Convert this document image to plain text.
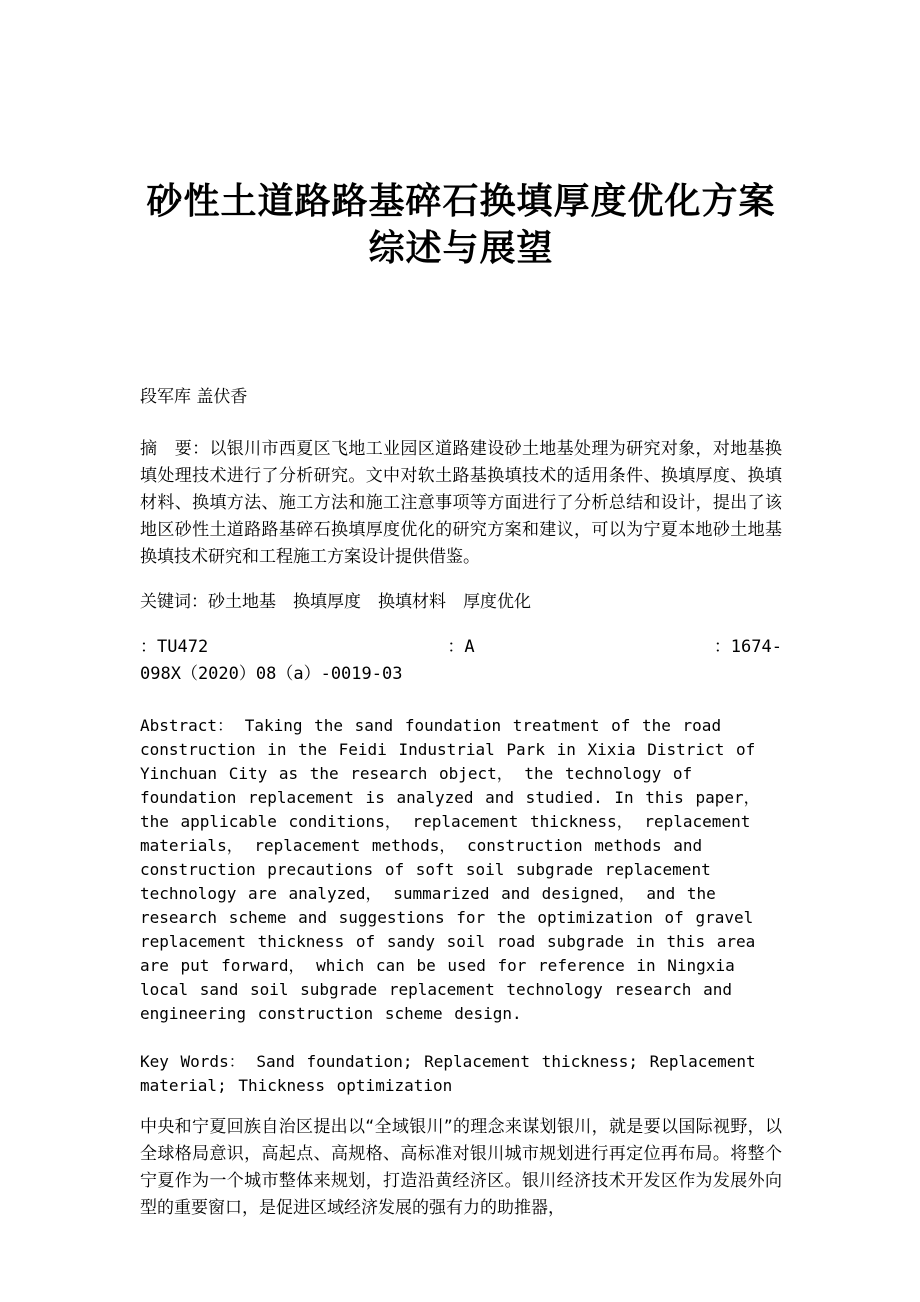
砂性土道路路基碎石换填厚度优化方案
综述与展望

段军库 盖伏香

摘　要：以银川市西夏区飞地工业园区道路建设砂土地基处理为研究对象，对地基换填处理技术进行了分析研究。文中对软土路基换填技术的适用条件、换填厚度、换填材料、换填方法、施工方法和施工注意事项等方面进行了分析总结和设计，提出了该地区砂性土道路路基碎石换填厚度优化的研究方案和建议，可以为宁夏本地砂土地基换填技术研究和工程施工方案设计提供借鉴。

关键词：砂土地基　换填厚度　换填材料　厚度优化

：TU472	：A	：1674-
098X（2020）08（a）-0019-03

Abstract： Taking the sand foundation treatment of the road construction in the Feidi Industrial Park in Xixia District of Yinchuan City as the research object， the technology of foundation replacement is analyzed and studied. In this paper， the applicable conditions， replacement thickness， replacement materials， replacement methods， construction methods and construction precautions of soft soil subgrade replacement technology are analyzed， summarized and designed， and the research scheme and suggestions for the optimization of gravel replacement thickness of sandy soil road subgrade in this area are put forward， which can be used for reference in Ningxia local sand soil subgrade replacement technology research and engineering construction scheme design.

Key Words： Sand foundation; Replacement thickness; Replacement material; Thickness optimization

中央和宁夏回族自治区提出以“全域银川”的理念来谋划银川，就是要以国际视野，以全球格局意识，高起点、高规格、高标准对银川城市规划进行再定位再布局。将整个宁夏作为一个城市整体来规划，打造沿黄经济区。银川经济技术开发区作为发展外向型的重要窗口，是促进区域经济发展的强有力的助推器，
